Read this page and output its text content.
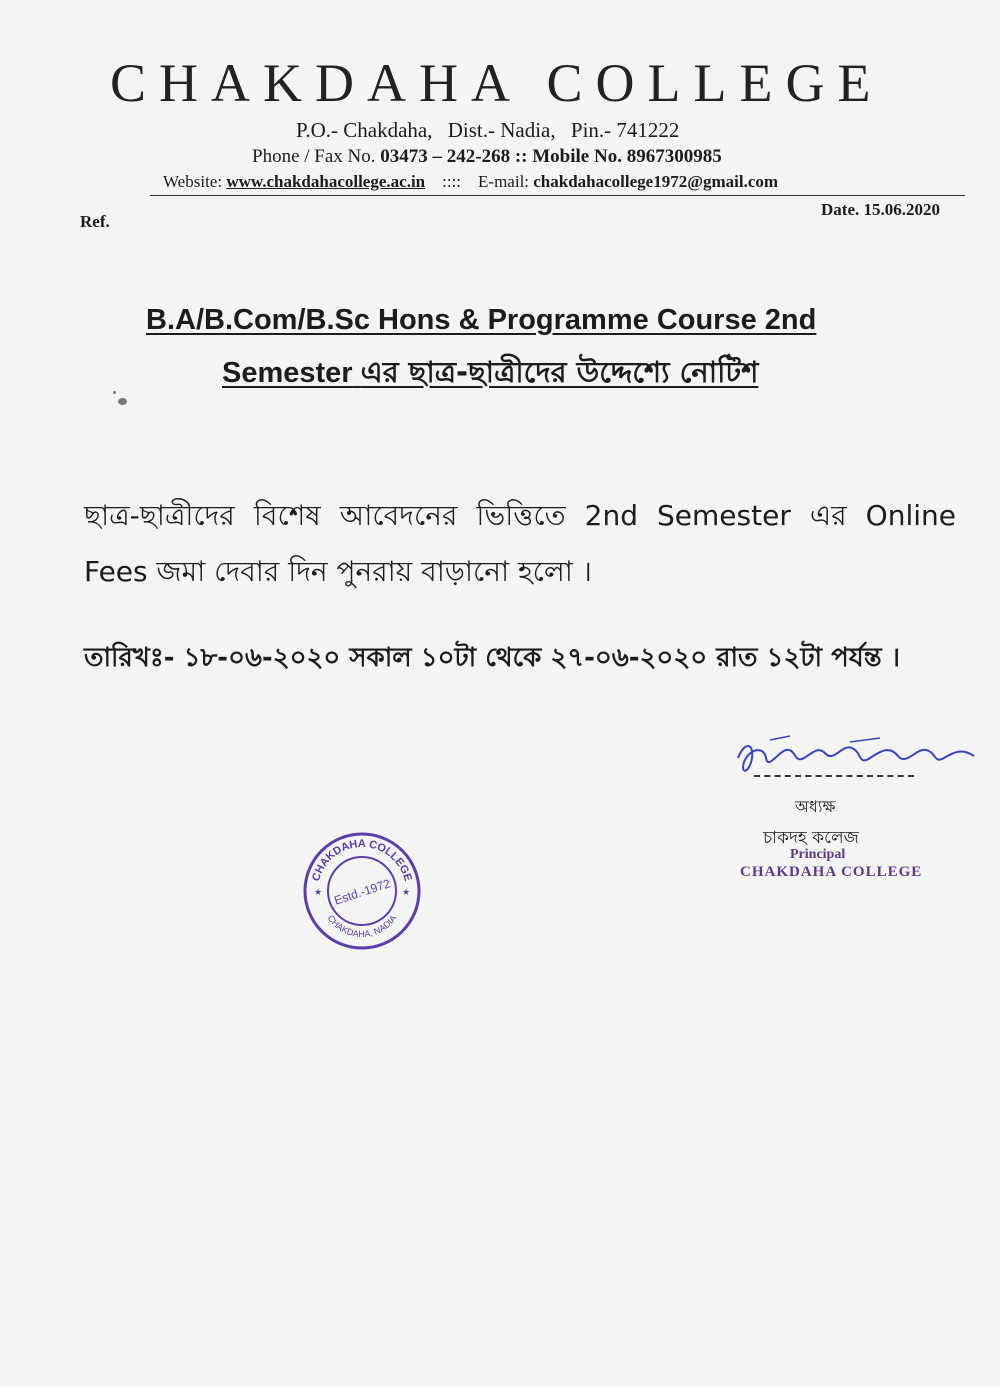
CHAKDAHA COLLEGE
P.O.- Chakdaha, Dist.- Nadia, Pin.- 741222
Phone / Fax No. 03473 – 242-268 :: Mobile No. 8967300985
Website: www.chakdahacollege.ac.in :::: E-mail: chakdahacollege1972@gmail.com
Ref.
Date. 15.06.2020
B.A/B.Com/B.Sc Hons & Programme Course 2nd
Semester এর ছাত্র-ছাত্রীদের উদ্দেশ্যে নোটিশ
ছাত্র-ছাত্রীদের বিশেষ আবেদনের ভিত্তিতে 2nd Semester এর Online Fees জমা দেবার দিন পুনরায় বাড়ানো হলো ।
তারিখঃ- ১৮-০৬-২০২০ সকাল ১০টা থেকে ২৭-০৬-২০২০ রাত ১২টা পর্যন্ত ।
অধ্যক্ষ
চাকদহ কলেজ
Principal
CHAKDAHA COLLEGE
CHAKDAHA COLLEGE
CHAKDAHA, NADIA
Estd.-1972
★	★
